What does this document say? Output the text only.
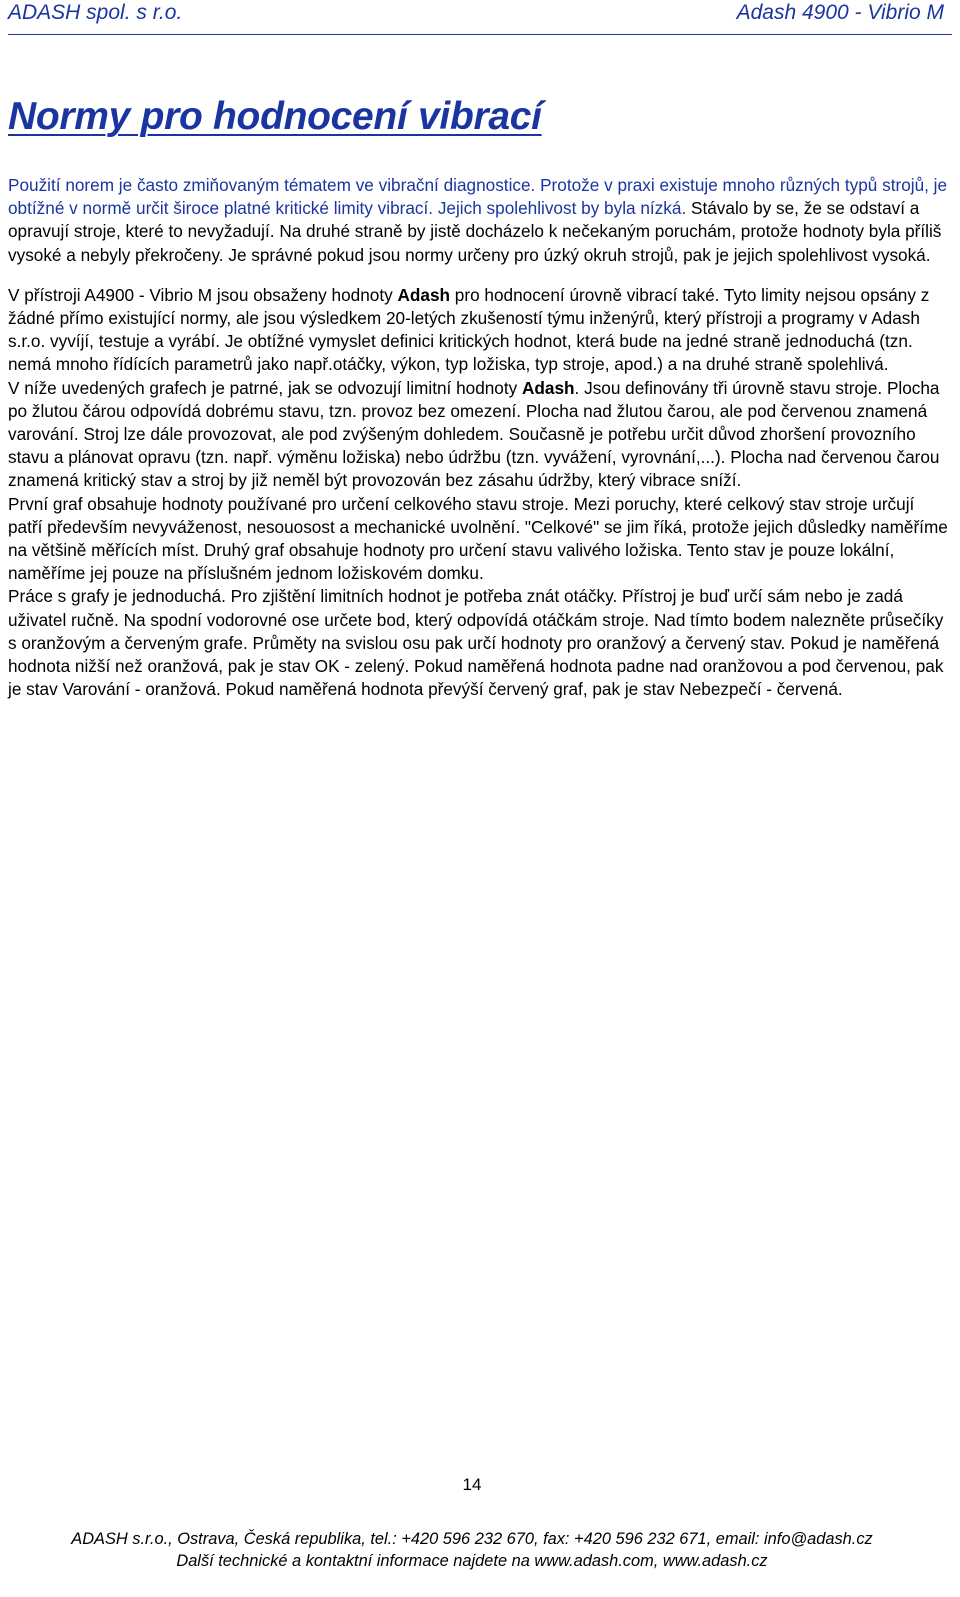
ADASH spol. s r.o.	Adash 4900 - Vibrio M
Normy pro hodnocení vibrací

Použití norem je často zmiňovaným tématem ve vibrační diagnostice. Protože v praxi existuje mnoho různých typů strojů, je obtížné v normě určit široce platné kritické limity vibrací. Jejich spolehlivost by byla nízká. Stávalo by se, že se odstaví a opravují stroje, které to nevyžadují. Na druhé straně by jistě docházelo k nečekaným poruchám, protože hodnoty byla příliš vysoké a nebyly překročeny. Je správné pokud jsou normy určeny pro úzký okruh strojů, pak je jejich spolehlivost vysoká.

V přístroji A4900 - Vibrio M jsou obsaženy hodnoty Adash pro hodnocení úrovně vibrací také. Tyto limity nejsou opsány z žádné přímo existující normy, ale jsou výsledkem 20-letých zkušeností týmu inženýrů, který přístroji a programy v Adash s.r.o. vyvíjí, testuje a vyrábí. Je obtížné vymyslet definici kritických hodnot, která bude na jedné straně jednoduchá (tzn. nemá mnoho řídících parametrů jako např.otáčky, výkon, typ ložiska, typ stroje, apod.) a na druhé straně spolehlivá.

V níže uvedených grafech je patrné, jak se odvozují limitní hodnoty Adash. Jsou definovány tři úrovně stavu stroje. Plocha po žlutou čárou odpovídá dobrému stavu, tzn. provoz bez omezení. Plocha nad žlutou čarou, ale pod červenou znamená varování. Stroj lze dále provozovat, ale pod zvýšeným dohledem. Současně je potřebu určit důvod zhoršení provozního stavu a plánovat opravu (tzn. např. výměnu ložiska) nebo údržbu (tzn. vyvážení, vyrovnání,...). Plocha nad červenou čarou znamená kritický stav a stroj by již neměl být provozován bez zásahu údržby, který vibrace sníží.

První graf obsahuje hodnoty používané pro určení celkového stavu stroje. Mezi poruchy, které celkový stav stroje určují patří především nevyváženost, nesouosost a mechanické uvolnění. "Celkové" se jim říká, protože jejich důsledky naměříme na většině měřících míst. Druhý graf obsahuje hodnoty pro určení stavu valivého ložiska. Tento stav je pouze lokální, naměříme jej pouze na příslušném jednom ložiskovém domku.

Práce s grafy je jednoduchá. Pro zjištění limitních hodnot je potřeba znát otáčky. Přístroj je buď určí sám nebo je zadá uživatel ručně. Na spodní vodorovné ose určete bod, který odpovídá otáčkám stroje. Nad tímto bodem nalezněte průsečíky s oranžovým a červeným grafe. Průměty na svislou osu pak určí hodnoty pro oranžový a červený stav. Pokud je naměřená hodnota nižší než oranžová, pak je stav OK - zelený. Pokud naměřená hodnota padne nad oranžovou a pod červenou, pak je stav Varování - oranžová. Pokud naměřená hodnota převýší červený graf, pak je stav Nebezpečí - červená.

14
ADASH s.r.o., Ostrava, Česká republika, tel.: +420 596 232 670, fax: +420 596 232 671, email: info@adash.cz
Další technické a kontaktní informace najdete na www.adash.com, www.adash.cz
